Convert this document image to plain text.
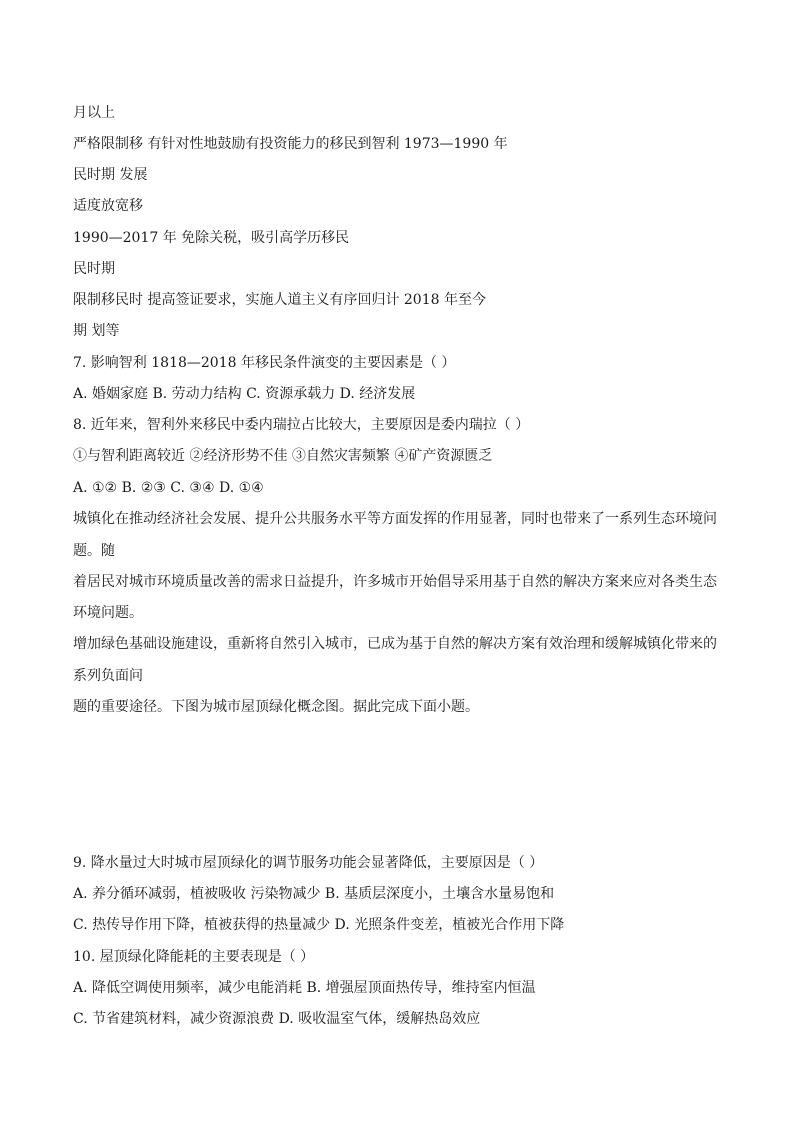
月以上
严格限制移 有针对性地鼓励有投资能力的移民到智利 1973—1990 年
民时期 发展
适度放宽移
1990—2017 年 免除关税，吸引高学历移民
民时期
限制移民时 提高签证要求，实施人道主义有序回归计 2018 年至今
期 划等
7. 影响智利 1818—2018 年移民条件演变的主要因素是（ ）
A. 婚姻家庭 B. 劳动力结构 C. 资源承载力 D. 经济发展
8. 近年来，智利外来移民中委内瑞拉占比较大，主要原因是委内瑞拉（ ）
①与智利距离较近 ②经济形势不佳 ③自然灾害频繁 ④矿产资源匮乏
A. ①② B. ②③ C. ③④ D. ①④
城镇化在推动经济社会发展、提升公共服务水平等方面发挥的作用显著，同时也带来了一系列生态环境问
题。随
着居民对城市环境质量改善的需求日益提升，许多城市开始倡导采用基于自然的解决方案来应对各类生态
环境问题。
增加绿色基础设施建设，重新将自然引入城市，已成为基于自然的解决方案有效治理和缓解城镇化带来的
系列负面问
题的重要途径。下图为城市屋顶绿化概念图。据此完成下面小题。
9. 降水量过大时城市屋顶绿化的调节服务功能会显著降低，主要原因是（ ）
A. 养分循环减弱，植被吸收 污染物减少 B. 基质层深度小，土壤含水量易饱和
C. 热传导作用下降，植被获得的热量减少 D. 光照条件变差，植被光合作用下降
10. 屋顶绿化降能耗的主要表现是（ ）
A. 降低空调使用频率，减少电能消耗 B. 增强屋顶面热传导，维持室内恒温
C. 节省建筑材料，减少资源浪费 D. 吸收温室气体，缓解热岛效应
